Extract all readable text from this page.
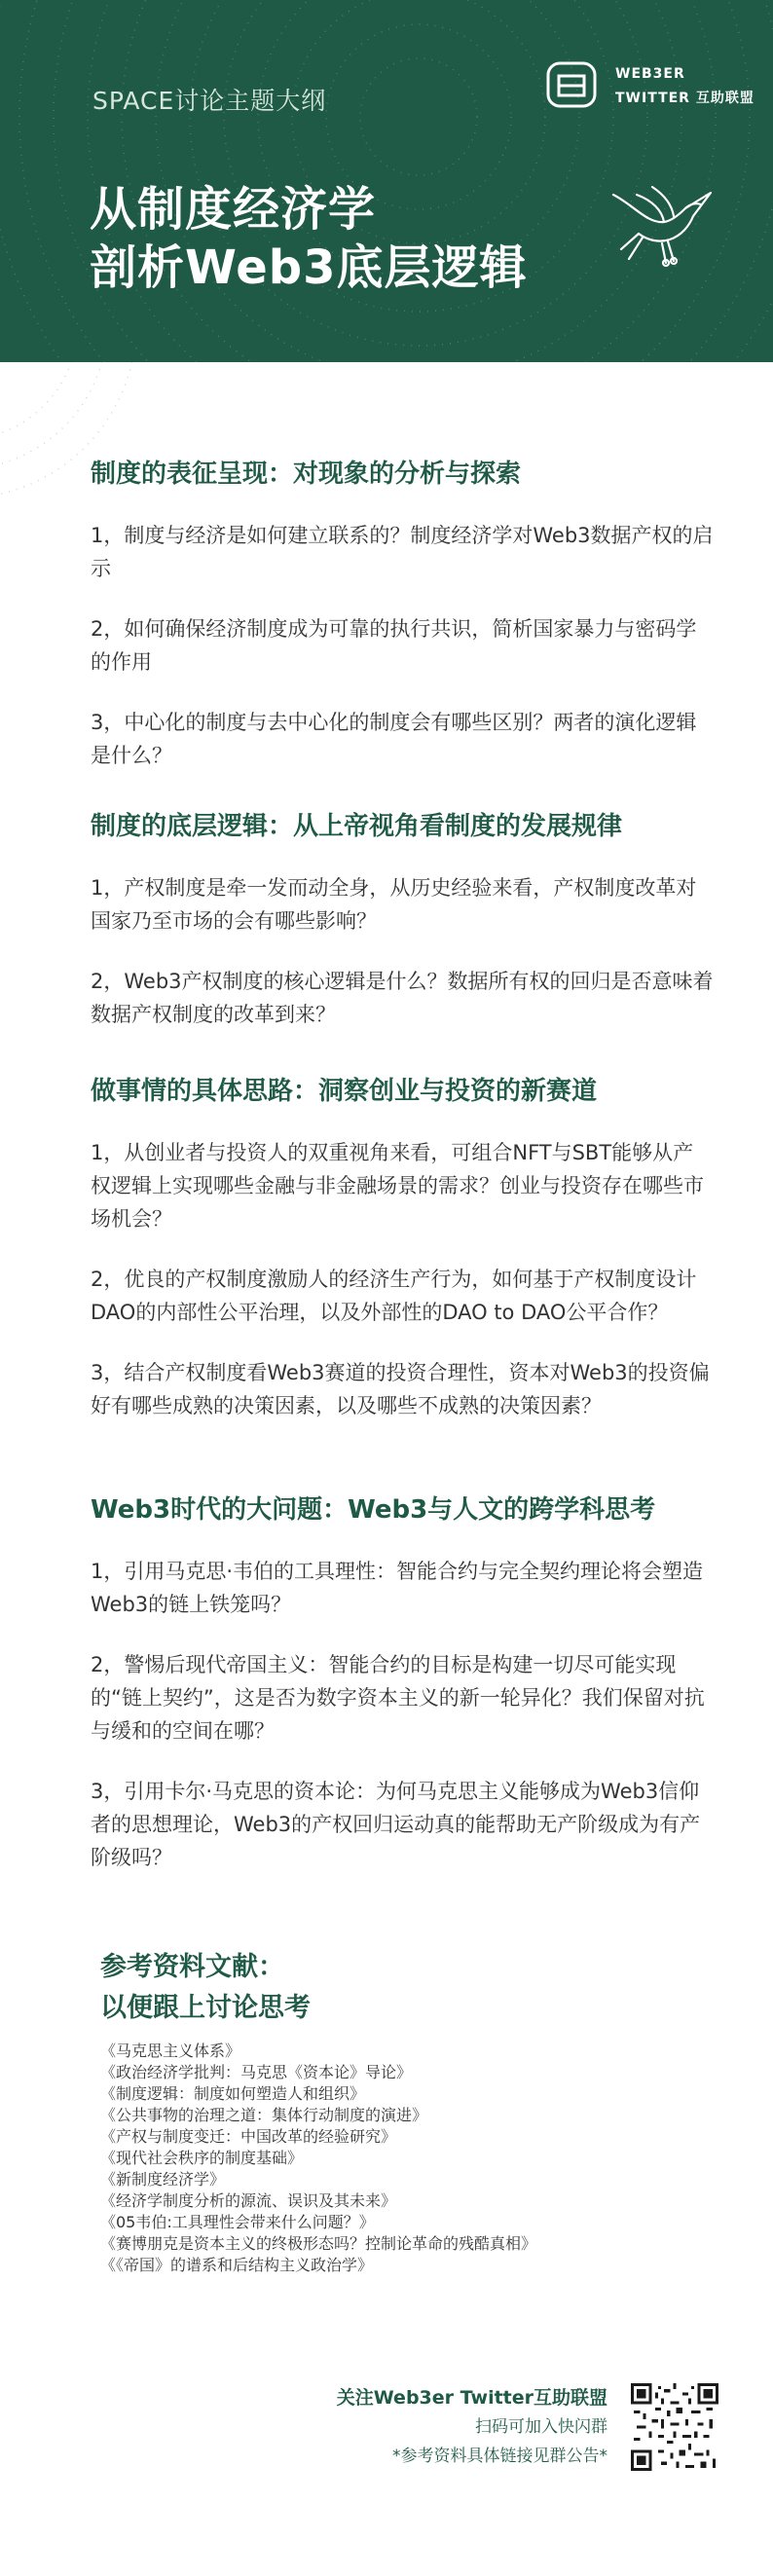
SPACE讨论主题大纲
从制度经济学
剖析Web3底层逻辑
WEB3ER
TWITTER 互助联盟
制度的表征呈现：对现象的分析与探索

1，制度与经济是如何建立联系的？制度经济学对Web3数据产权的启示

2，如何确保经济制度成为可靠的执行共识，简析国家暴力与密码学的作用

3，中心化的制度与去中心化的制度会有哪些区别？两者的演化逻辑是什么？

制度的底层逻辑：从上帝视角看制度的发展规律

1，产权制度是牵一发而动全身，从历史经验来看，产权制度改革对国家乃至市场的会有哪些影响？

2，Web3产权制度的核心逻辑是什么？数据所有权的回归是否意味着数据产权制度的改革到来？

做事情的具体思路：洞察创业与投资的新赛道

1，从创业者与投资人的双重视角来看，可组合NFT与SBT能够从产权逻辑上实现哪些金融与非金融场景的需求？创业与投资存在哪些市场机会？

2，优良的产权制度激励人的经济生产行为，如何基于产权制度设计DAO的内部性公平治理，以及外部性的DAO to DAO公平合作？

3，结合产权制度看Web3赛道的投资合理性，资本对Web3的投资偏好有哪些成熟的决策因素，以及哪些不成熟的决策因素？

Web3时代的大问题：Web3与人文的跨学科思考

1，引用马克思·韦伯的工具理性：智能合约与完全契约理论将会塑造Web3的链上铁笼吗？

2，警惕后现代帝国主义：智能合约的目标是构建一切尽可能实现的“链上契约”，这是否为数字资本主义的新一轮异化？我们保留对抗与缓和的空间在哪？

3，引用卡尔·马克思的资本论：为何马克思主义能够成为Web3信仰者的思想理论，Web3的产权回归运动真的能帮助无产阶级成为有产阶级吗？

参考资料文献：
以便跟上讨论思考

《马克思主义体系》

《政治经济学批判：马克思《资本论》导论》

《制度逻辑：制度如何塑造人和组织》

《公共事物的治理之道：集体行动制度的演进》

《产权与制度变迁：中国改革的经验研究》

《现代社会秩序的制度基础》

《新制度经济学》

《经济学制度分析的源流、误识及其未来》

《05韦伯:工具理性会带来什么问题？》

《赛博朋克是资本主义的终极形态吗？控制论革命的残酷真相》

《《帝国》的谱系和后结构主义政治学》

关注Web3er Twitter互助联盟
扫码可加入快闪群
*参考资料具体链接见群公告*
